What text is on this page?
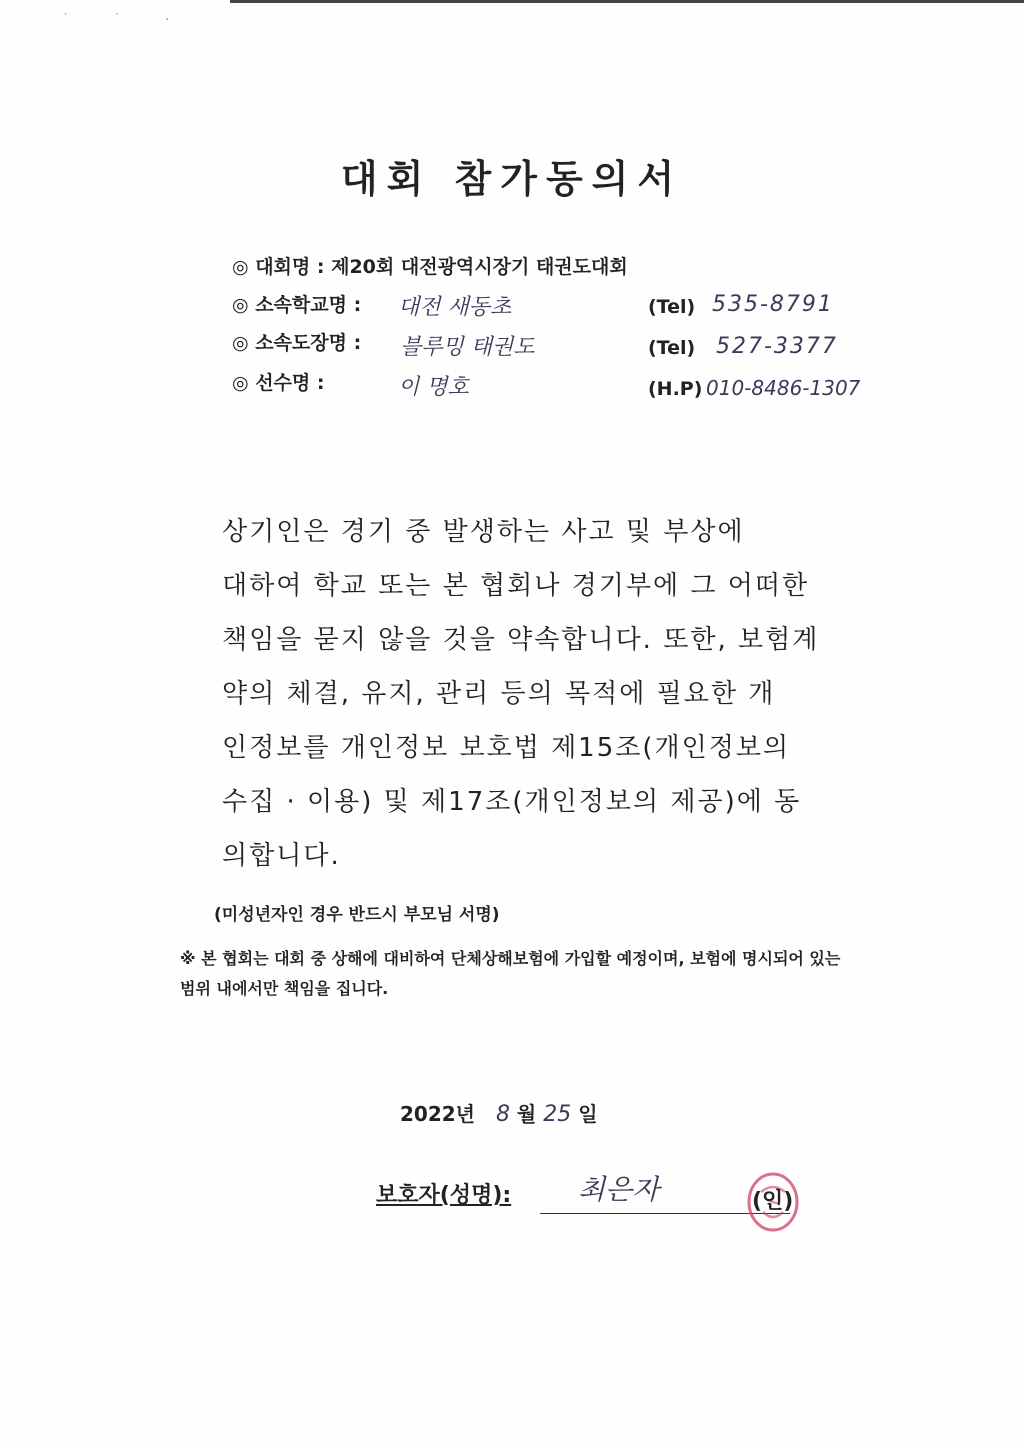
˙ ˙ ·
대회 참가동의서
◎ 대회명 : 제20회 대전광역시장기 태권도대회
◎ 소속학교명 : 대전 새동초	(Tel) 535-8791
◎ 소속도장명 : 블루밍 태권도	(Tel) 527-3377
◎ 선수명 :	이 명호	(H.P) 010-8486-1307
상기인은 경기 중 발생하는 사고 및 부상에
대하여 학교 또는 본 협회나 경기부에 그 어떠한
책임을 묻지 않을 것을 약속합니다. 또한, 보험계
약의 체결, 유지, 관리 등의 목적에 필요한 개
인정보를 개인정보 보호법 제15조(개인정보의
수집 · 이용) 및 제17조(개인정보의 제공)에 동
의합니다.
(미성년자인 경우 반드시 부모님 서명)
※ 본 협회는 대회 중 상해에 대비하여 단체상해보험에 가입할 예정이며, 보험에 명시되어 있는 범위 내에서만 책임을 집니다.
2022년 8 월 25 일
보호자(성명): 최은자	(인)
